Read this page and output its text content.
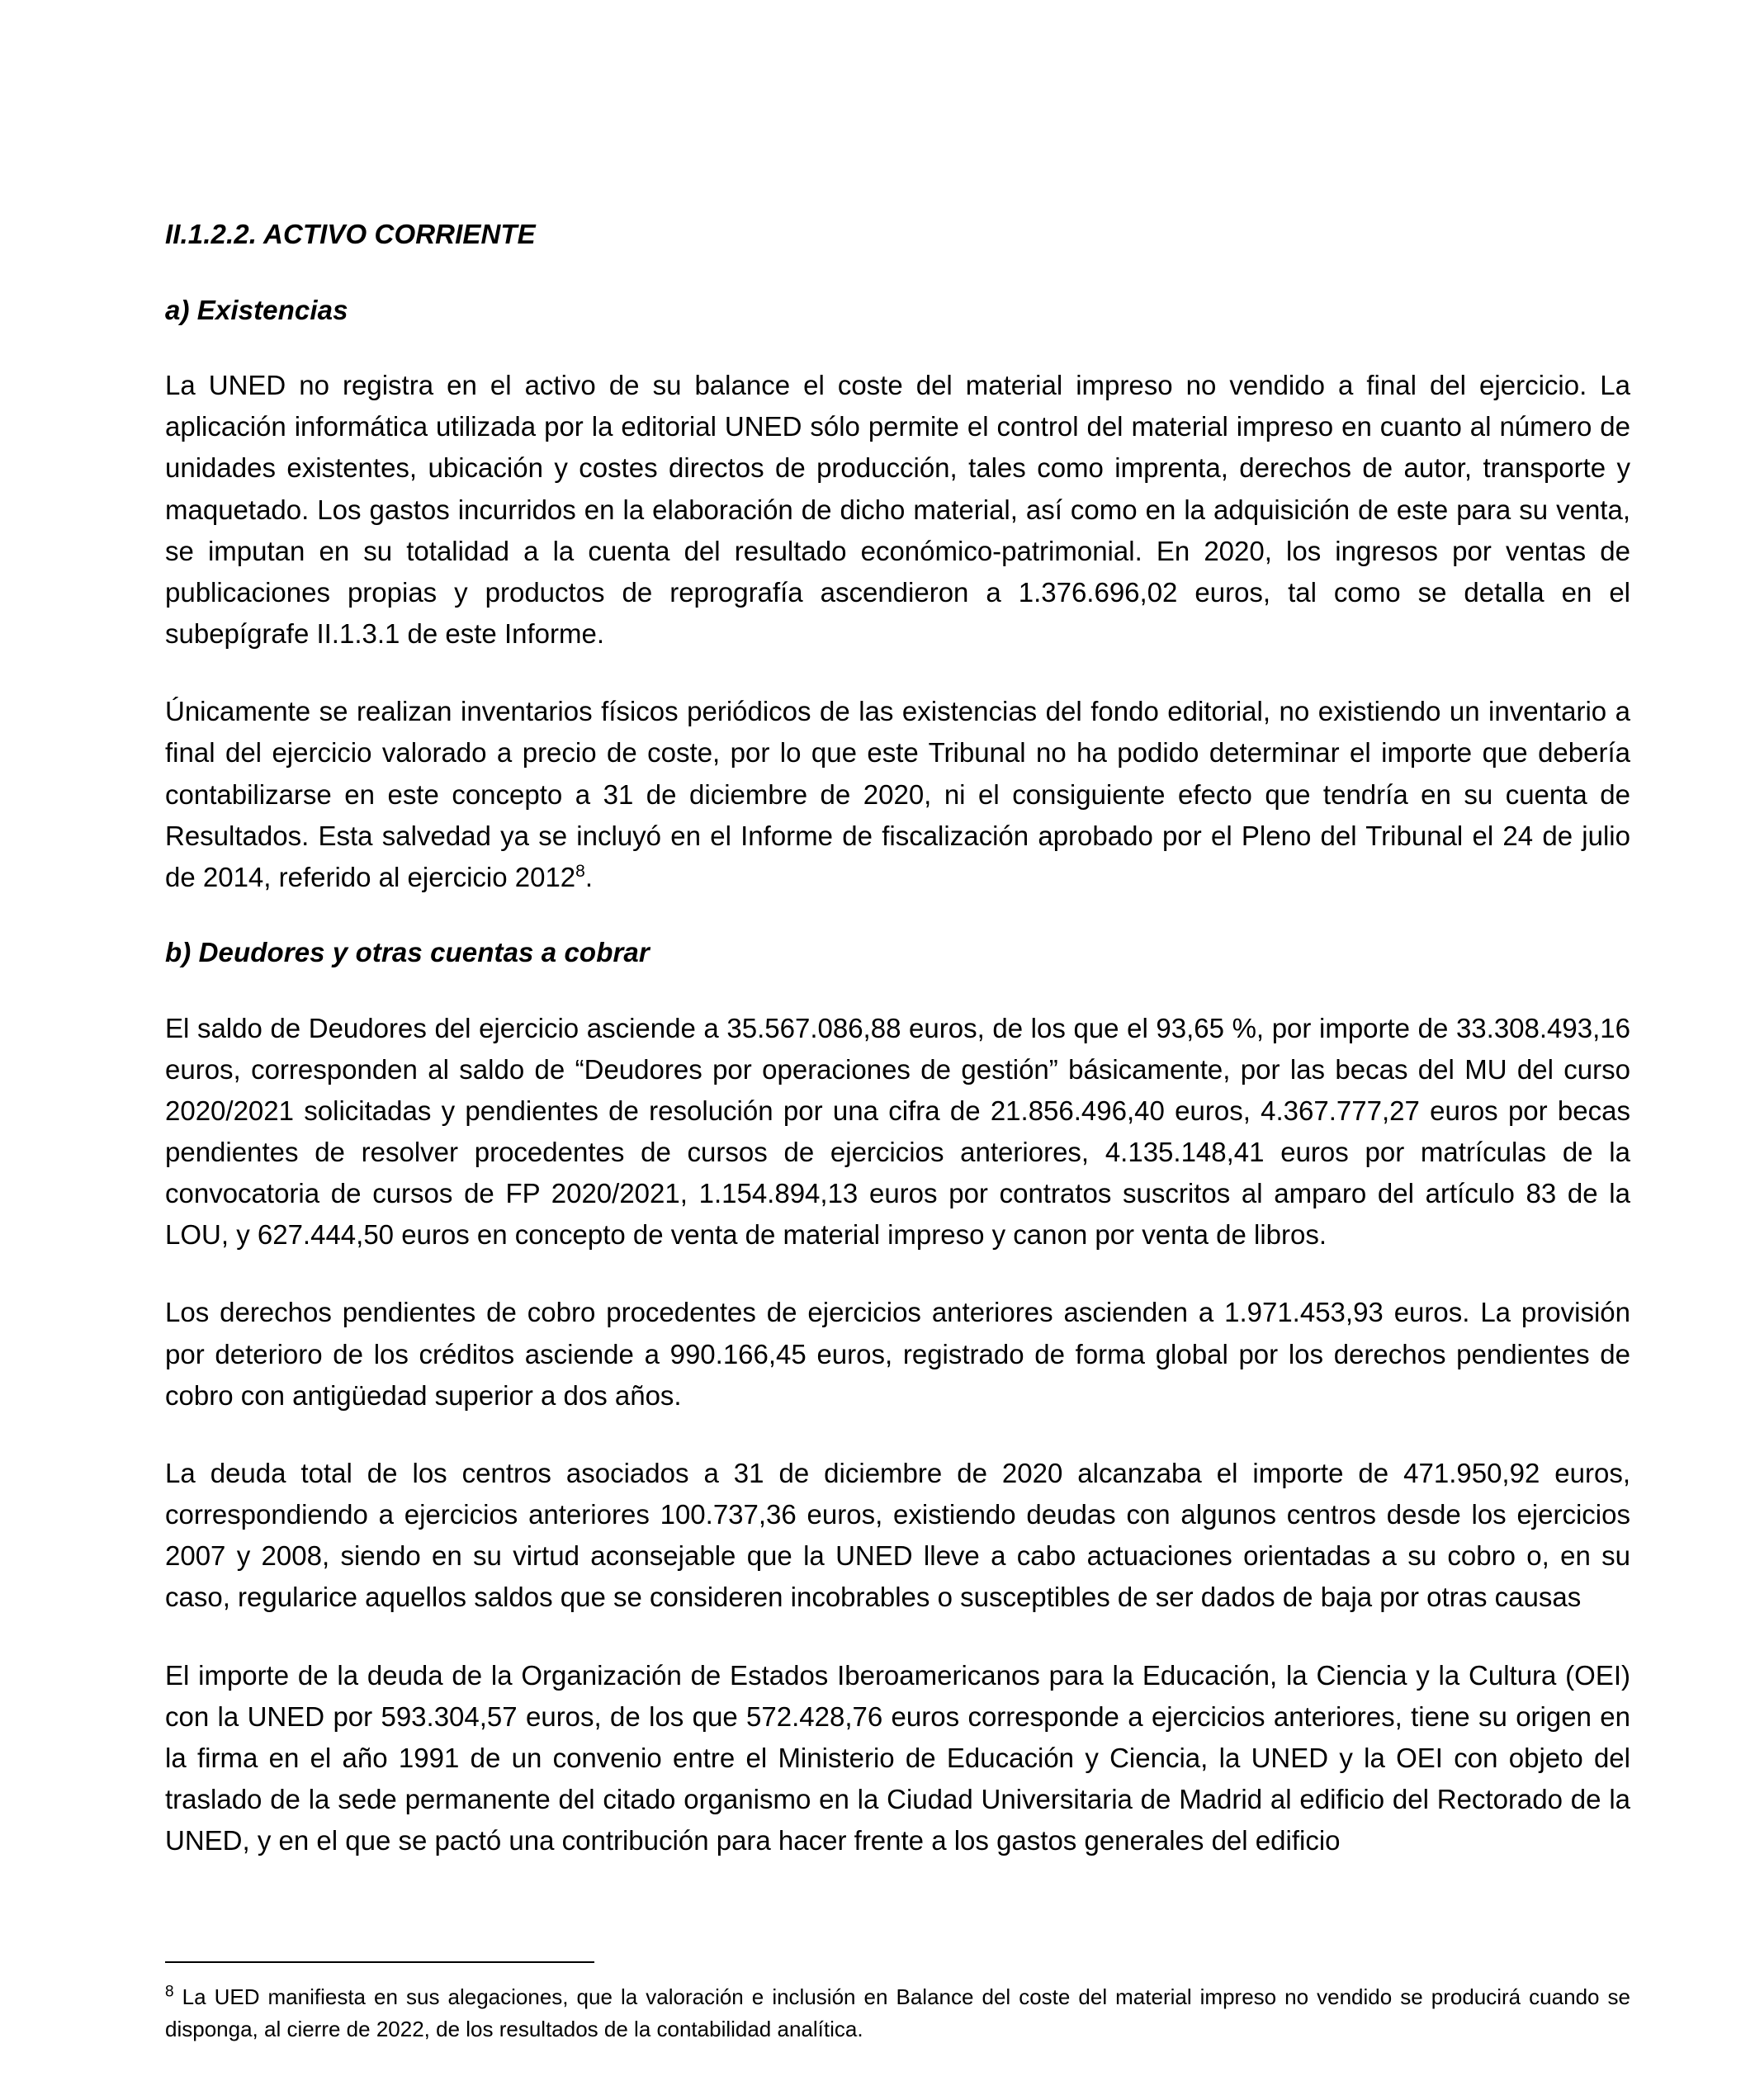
II.1.2.2. ACTIVO CORRIENTE
a) Existencias

La UNED no registra en el activo de su balance el coste del material impreso no vendido a final del ejercicio. La aplicación informática utilizada por la editorial UNED sólo permite el control del material impreso en cuanto al número de unidades existentes, ubicación y costes directos de producción, tales como imprenta, derechos de autor, transporte y maquetado. Los gastos incurridos en la elaboración de dicho material, así como en la adquisición de este para su venta, se imputan en su totalidad a la cuenta del resultado económico-patrimonial. En 2020, los ingresos por ventas de publicaciones propias y productos de reprografía ascendieron a 1.376.696,02 euros, tal como se detalla en el subepígrafe II.1.3.1 de este Informe.

Únicamente se realizan inventarios físicos periódicos de las existencias del fondo editorial, no existiendo un inventario a final del ejercicio valorado a precio de coste, por lo que este Tribunal no ha podido determinar el importe que debería contabilizarse en este concepto a 31 de diciembre de 2020, ni el consiguiente efecto que tendría en su cuenta de Resultados. Esta salvedad ya se incluyó en el Informe de fiscalización aprobado por el Pleno del Tribunal el 24 de julio de 2014, referido al ejercicio 2012$^8$.

b) Deudores y otras cuentas a cobrar

El saldo de Deudores del ejercicio asciende a 35.567.086,88 euros, de los que el 93,65 %, por importe de 33.308.493,16 euros, corresponden al saldo de “Deudores por operaciones de gestión” básicamente, por las becas del MU del curso 2020/2021 solicitadas y pendientes de resolución por una cifra de 21.856.496,40 euros, 4.367.777,27 euros por becas pendientes de resolver procedentes de cursos de ejercicios anteriores, 4.135.148,41 euros por matrículas de la convocatoria de cursos de FP 2020/2021, 1.154.894,13 euros por contratos suscritos al amparo del artículo 83 de la LOU, y 627.444,50 euros en concepto de venta de material impreso y canon por venta de libros.

Los derechos pendientes de cobro procedentes de ejercicios anteriores ascienden a 1.971.453,93 euros. La provisión por deterioro de los créditos asciende a 990.166,45 euros, registrado de forma global por los derechos pendientes de cobro con antigüedad superior a dos años.

La deuda total de los centros asociados a 31 de diciembre de 2020 alcanzaba el importe de 471.950,92 euros, correspondiendo a ejercicios anteriores 100.737,36 euros, existiendo deudas con algunos centros desde los ejercicios 2007 y 2008, siendo en su virtud aconsejable que la UNED lleve a cabo actuaciones orientadas a su cobro o, en su caso, regularice aquellos saldos que se consideren incobrables o susceptibles de ser dados de baja por otras causas

El importe de la deuda de la Organización de Estados Iberoamericanos para la Educación, la Ciencia y la Cultura (OEI) con la UNED por 593.304,57 euros, de los que 572.428,76 euros corresponde a ejercicios anteriores, tiene su origen en la firma en el año 1991 de un convenio entre el Ministerio de Educación y Ciencia, la UNED y la OEI con objeto del traslado de la sede permanente del citado organismo en la Ciudad Universitaria de Madrid al edificio del Rectorado de la UNED, y en el que se pactó una contribución para hacer frente a los gastos generales del edificio

$^8$ La UED manifiesta en sus alegaciones, que la valoración e inclusión en Balance del coste del material impreso no vendido se producirá cuando se disponga, al cierre de 2022, de los resultados de la contabilidad analítica.
